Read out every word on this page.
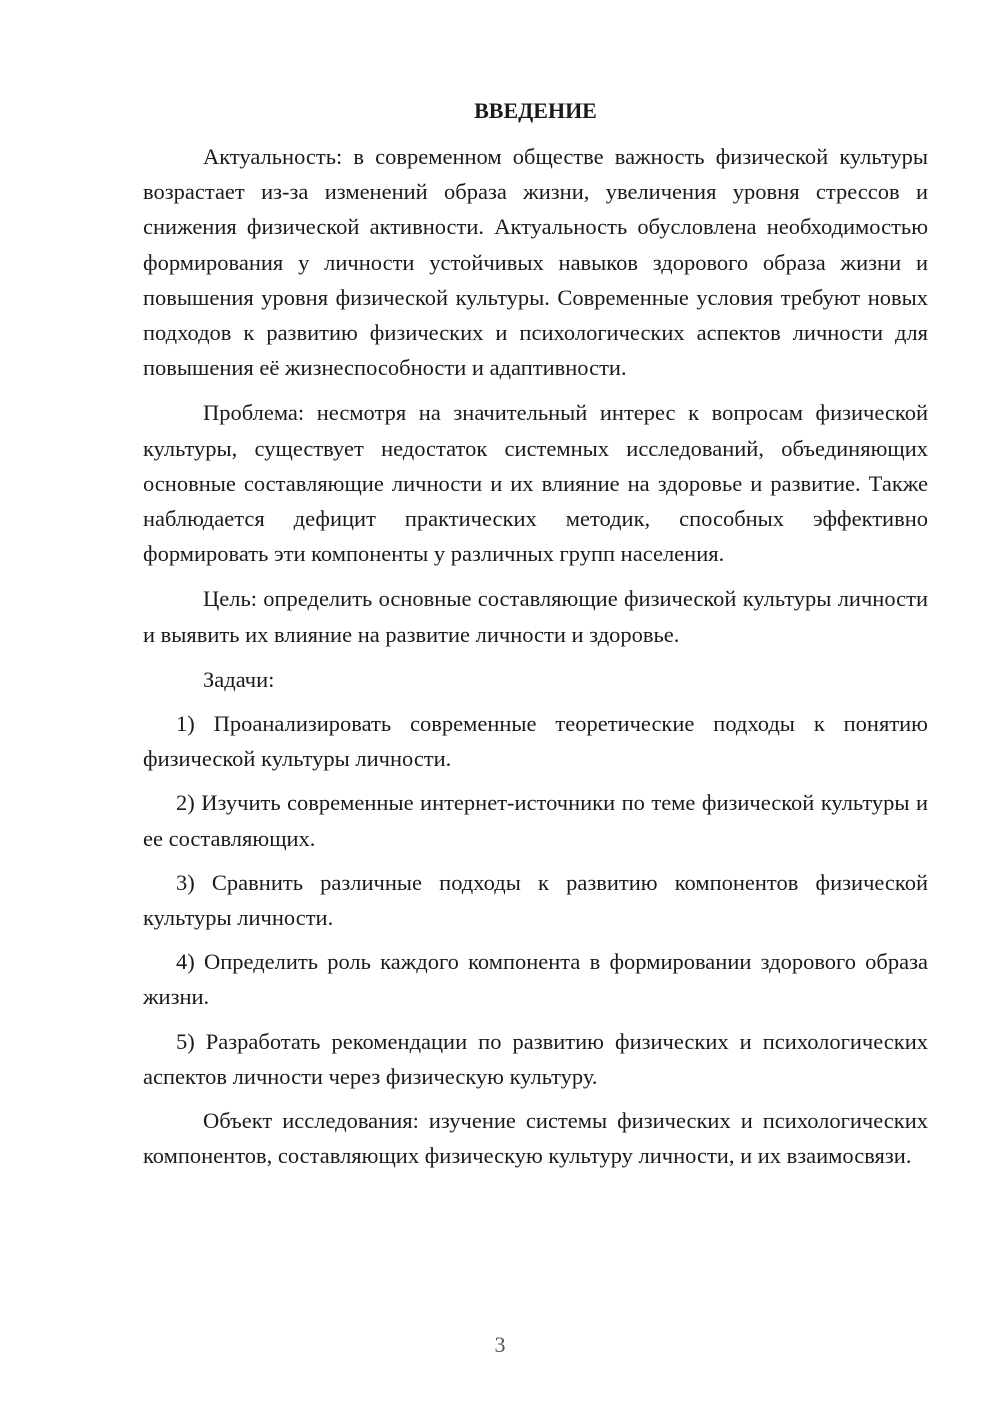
ВВЕДЕНИЕ

Актуальность: в современном обществе важность физической культуры возрастает из-за изменений образа жизни, увеличения уровня стрессов и снижения физической активности. Актуальность обусловлена необходимостью формирования у личности устойчивых навыков здорового образа жизни и повышения уровня физической культуры. Современные условия требуют новых подходов к развитию физических и психологических аспектов личности для повышения её жизнеспособности и адаптивности.

Проблема: несмотря на значительный интерес к вопросам физической культуры, существует недостаток системных исследований, объединяющих основные составляющие личности и их влияние на здоровье и развитие. Также наблюдается дефицит практических методик, способных эффективно формировать эти компоненты у различных групп населения.

Цель: определить основные составляющие физической культуры личности и выявить их влияние на развитие личности и здоровье.

Задачи:

1) Проанализировать современные теоретические подходы к понятию физической культуры личности.

2) Изучить современные интернет-источники по теме физической культуры и ее составляющих.

3) Сравнить различные подходы к развитию компонентов физической культуры личности.

4) Определить роль каждого компонента в формировании здорового образа жизни.

5) Разработать рекомендации по развитию физических и психологических аспектов личности через физическую культуру.

Объект исследования: изучение системы физических и психологических компонентов, составляющих физическую культуру личности, и их взаимосвязи.

3
